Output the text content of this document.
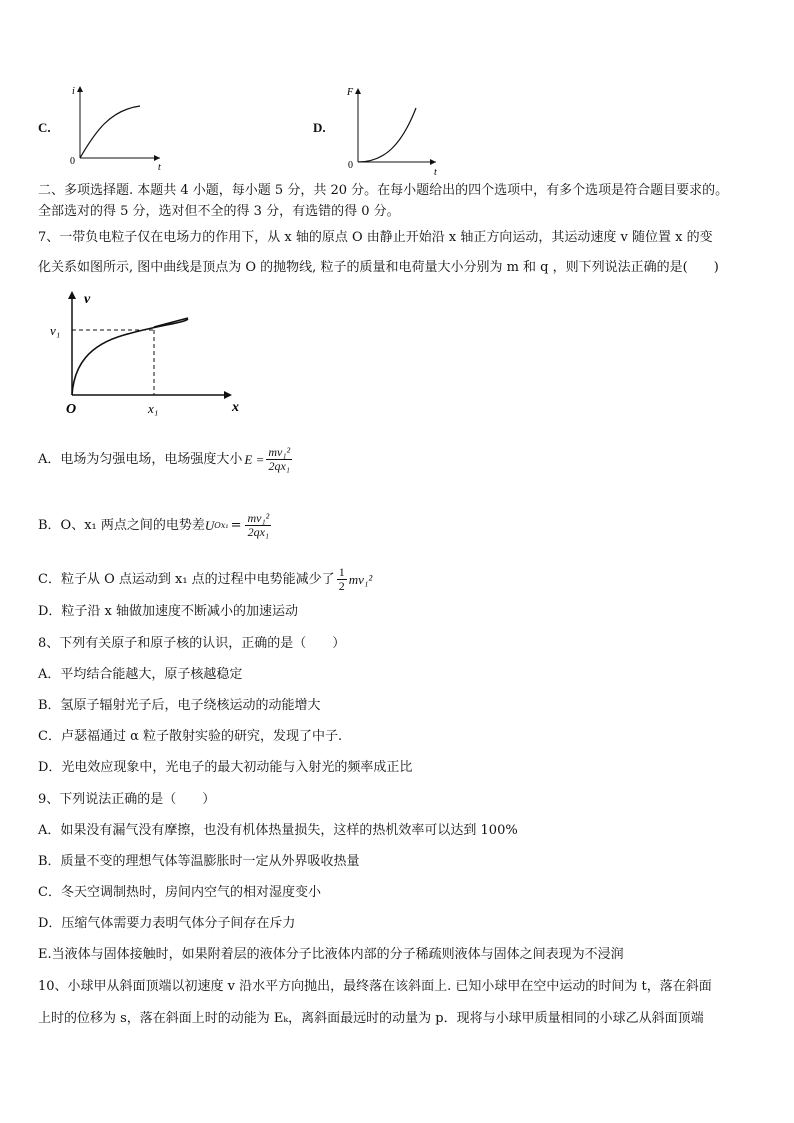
C.
i
0
t
D.
F
0
t
二、多项选择题. 本题共 4 小题，每小题 5 分，共 20 分。在每小题给出的四个选项中，有多个选项是符合题目要求的。
全部选对的得 5 分，选对但不全的得 3 分，有选错的得 0 分。
7、一带负电粒子仅在电场力的作用下，从 x 轴的原点 O 由静止开始沿 x 轴正方向运动，其运动速度 v 随位置 x 的变
化关系如图所示, 图中曲线是顶点为 O 的抛物线, 粒子的质量和电荷量大小分别为 m 和 q ，则下列说法正确的是(　　)
v
x
O
v₁
x₁
A．电场为匀强电场，电场强度大小 $E = \frac{\text{mv₁²}}{\text{2qx₁}}$
B．O、x₁ 两点之间的电势差 U $Ox_1 = \frac{\text{mv₁²}}{\text{2qx₁}}$
C．粒子从 O 点运动到 x₁ 点的过程中电势能减少了 $\frac{1}{2} mv_1^2$
D．粒子沿 x 轴做加速度不断减小的加速运动
8、下列有关原子和原子核的认识，正确的是（　　）
A．平均结合能越大，原子核越稳定
B．氢原子辐射光子后，电子绕核运动的动能增大
C．卢瑟福通过 α 粒子散射实验的研究，发现了中子.
D．光电效应现象中，光电子的最大初动能与入射光的频率成正比
9、下列说法正确的是（　　）
A．如果没有漏气没有摩擦，也没有机体热量损失，这样的热机效率可以达到 100%
B．质量不变的理想气体等温膨胀时一定从外界吸收热量
C．冬天空调制热时，房间内空气的相对湿度变小
D．压缩气体需要力表明气体分子间存在斥力
E.当液体与固体接触时，如果附着层的液体分子比液体内部的分子稀疏则液体与固体之间表现为不浸润
10、小球甲从斜面顶端以初速度 v 沿水平方向抛出，最终落在该斜面上. 已知小球甲在空中运动的时间为 t，落在斜面
上时的位移为 s，落在斜面上时的动能为 Eₖ，离斜面最远时的动量为 p．现将与小球甲质量相同的小球乙从斜面顶端
